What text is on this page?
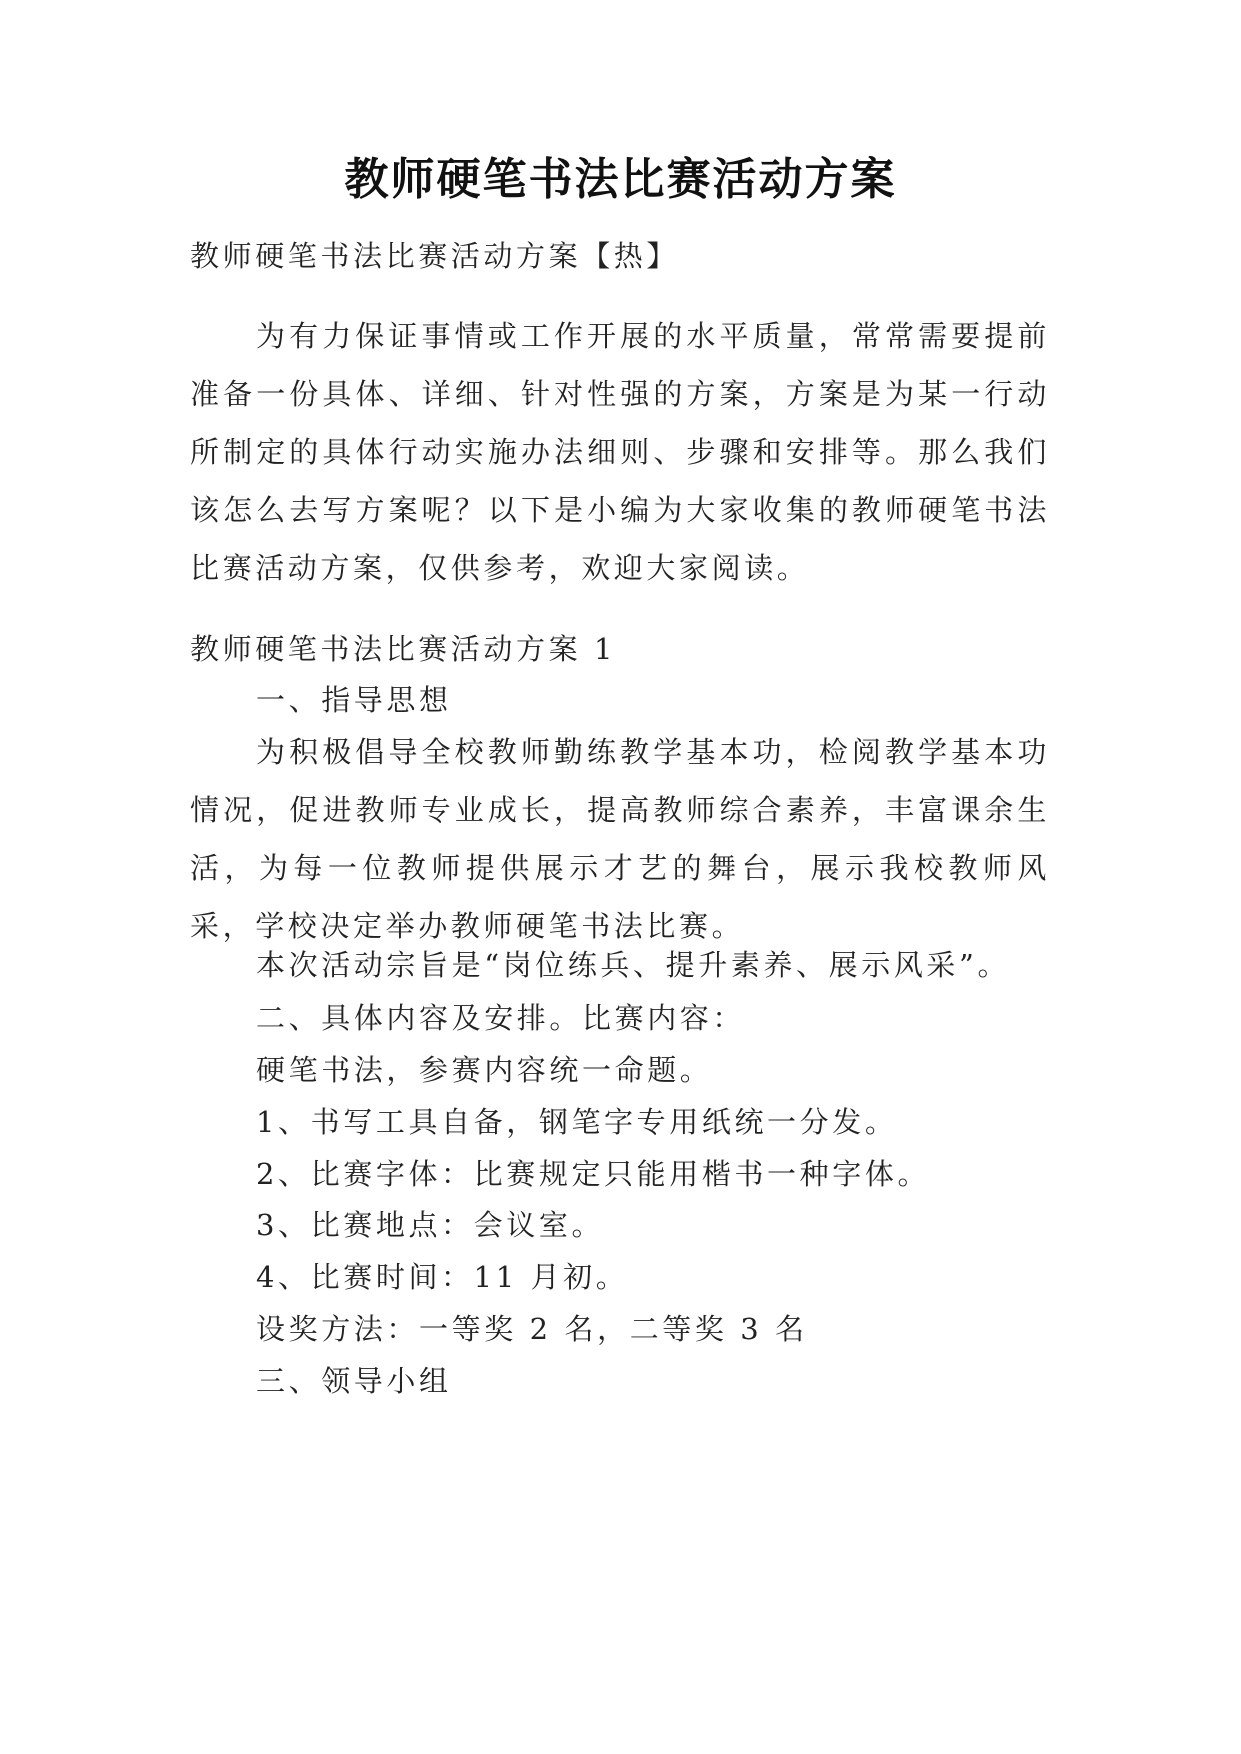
教师硬笔书法比赛活动方案

教师硬笔书法比赛活动方案【热】

为有力保证事情或工作开展的水平质量，常常需要提前准备一份具体、详细、针对性强的方案，方案是为某一行动所制定的具体行动实施办法细则、步骤和安排等。那么我们该怎么去写方案呢？以下是小编为大家收集的教师硬笔书法比赛活动方案，仅供参考，欢迎大家阅读。

教师硬笔书法比赛活动方案 1

一、指导思想

为积极倡导全校教师勤练教学基本功，检阅教学基本功情况，促进教师专业成长，提高教师综合素养，丰富课余生活，为每一位教师提供展示才艺的舞台，展示我校教师风采，学校决定举办教师硬笔书法比赛。

本次活动宗旨是“岗位练兵、提升素养、展示风采”。

二、具体内容及安排。比赛内容：

硬笔书法，参赛内容统一命题。

1、书写工具自备，钢笔字专用纸统一分发。

2、比赛字体：比赛规定只能用楷书一种字体。

3、比赛地点：会议室。

4、比赛时间：11 月初。

设奖方法：一等奖 2 名，二等奖 3 名

三、领导小组
